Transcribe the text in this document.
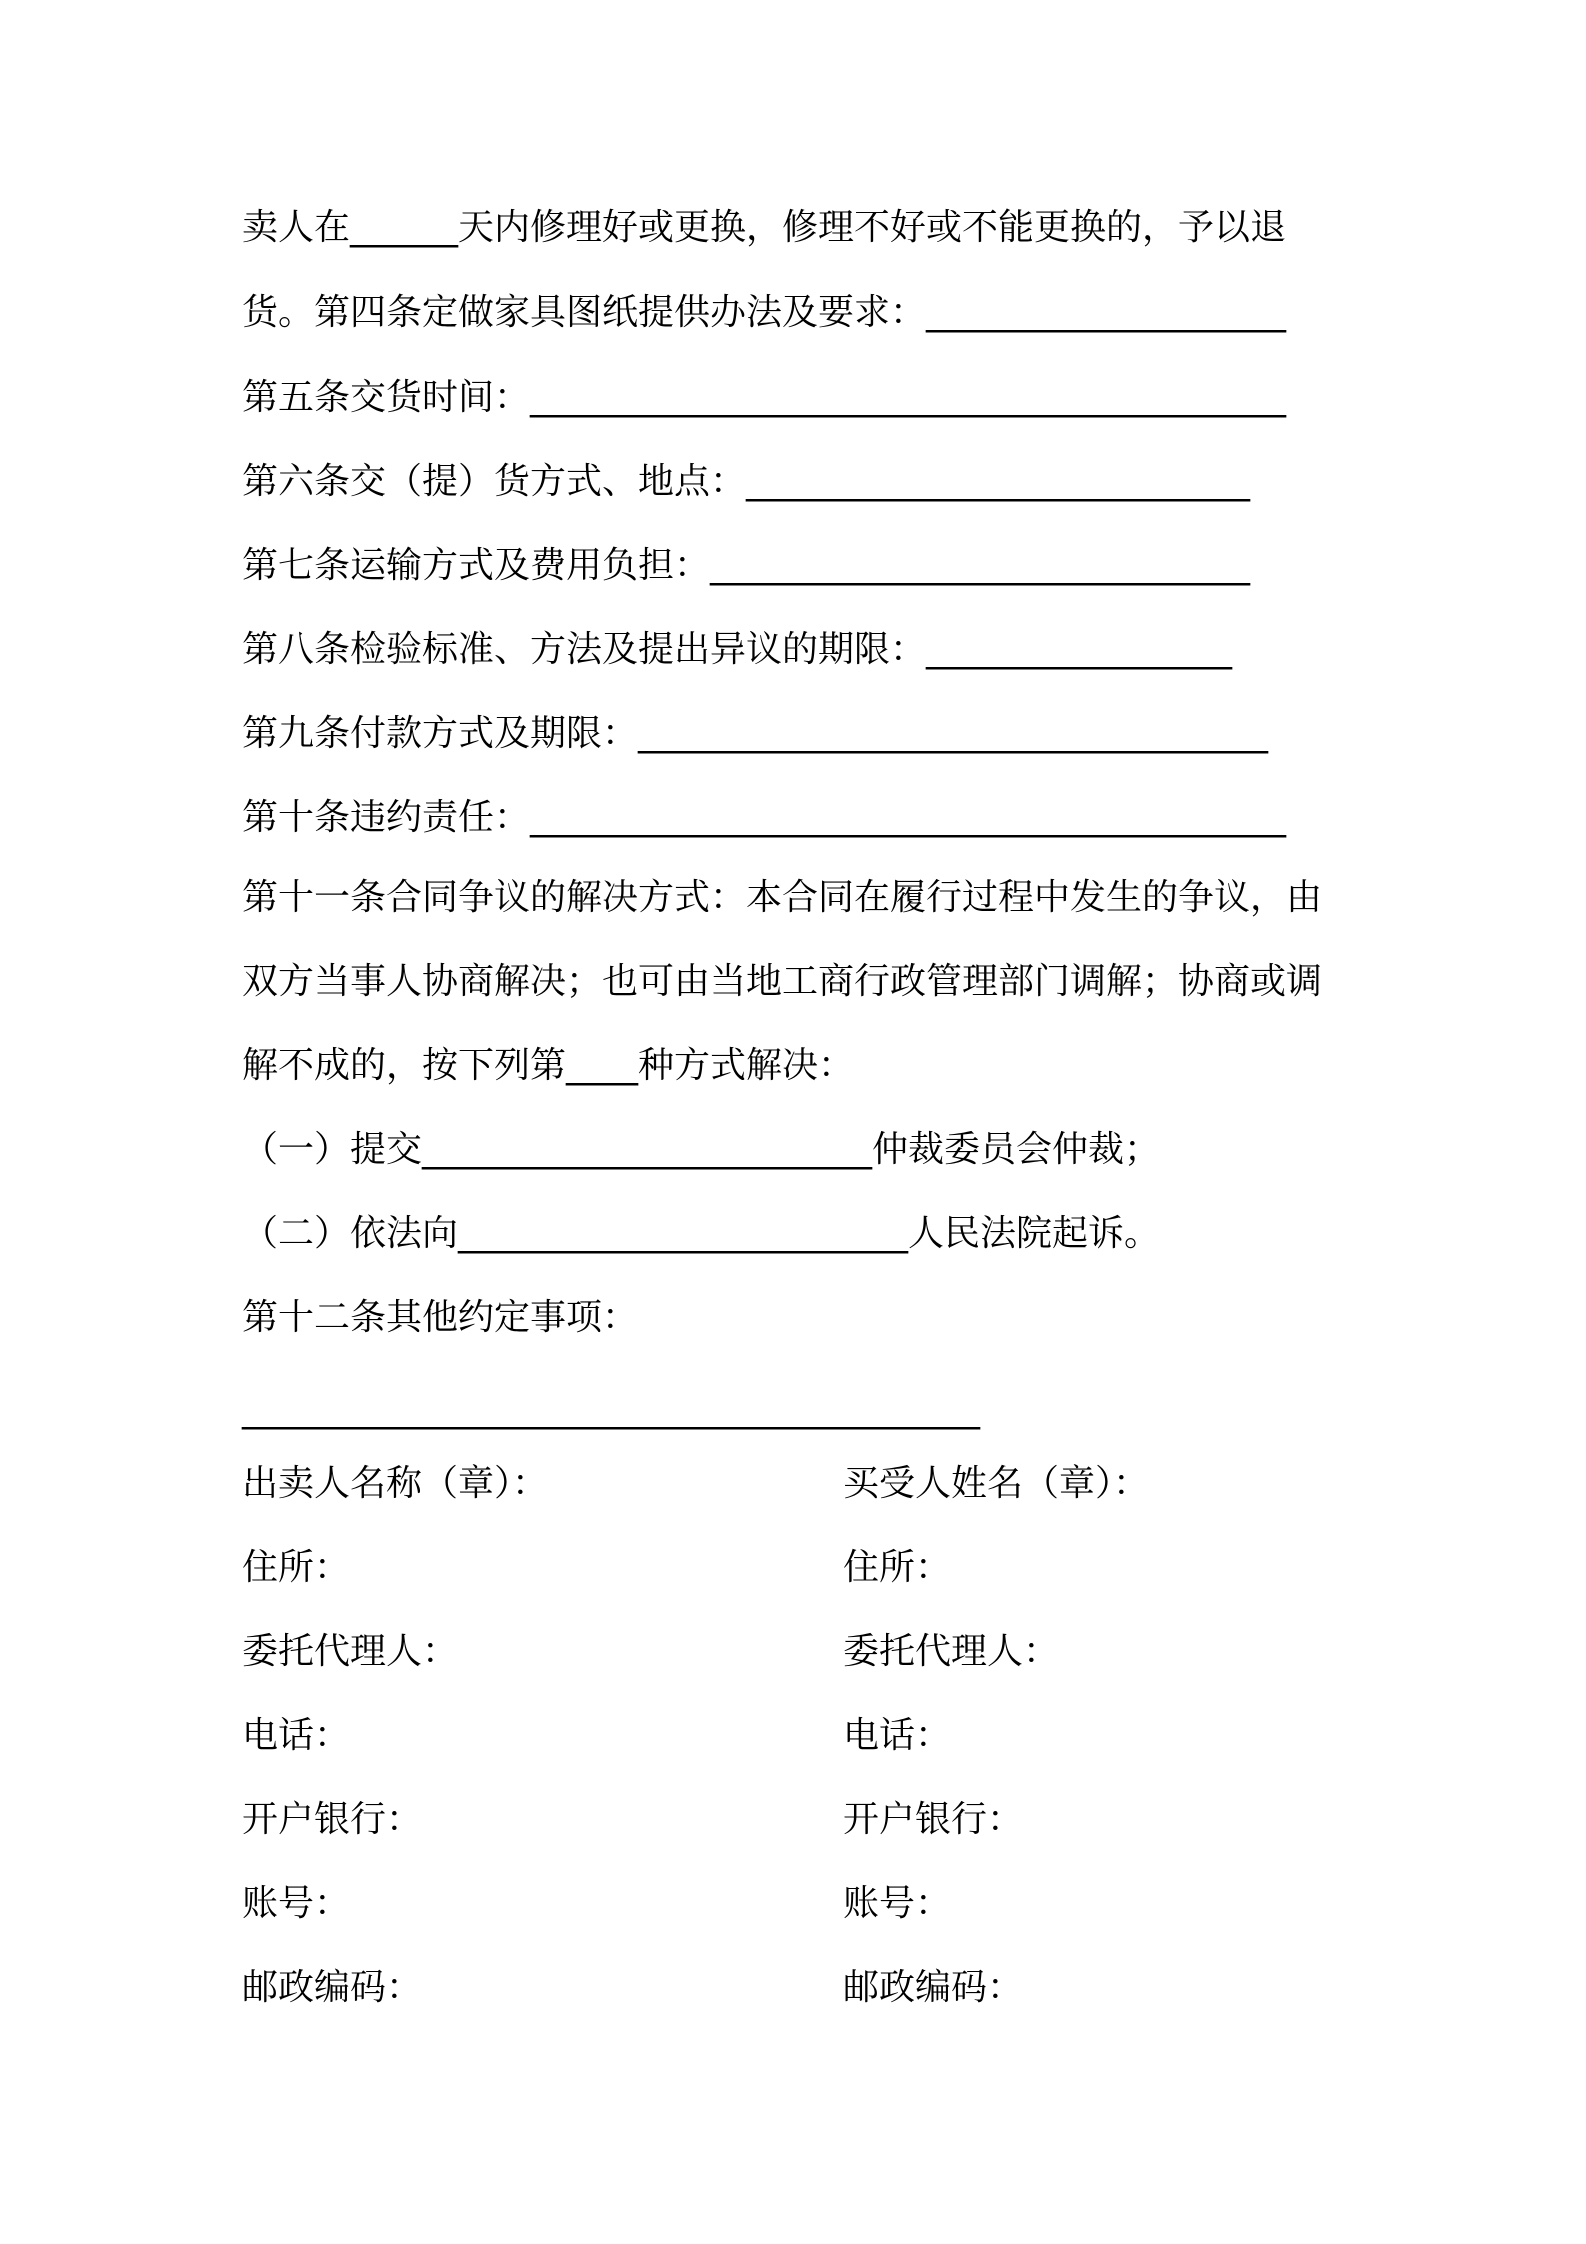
卖人在______天内修理好或更换，修理不好或不能更换的，予以退
货。第四条定做家具图纸提供办法及要求：____________________
第五条交货时间：__________________________________________
第六条交（提）货方式、地点：____________________________
第七条运输方式及费用负担：______________________________
第八条检验标准、方法及提出异议的期限：_________________
第九条付款方式及期限：___________________________________
第十条违约责任：__________________________________________
第十一条合同争议的解决方式：本合同在履行过程中发生的争议，由
双方当事人协商解决；也可由当地工商行政管理部门调解；协商或调
解不成的，按下列第____种方式解决：
（一）提交_________________________仲裁委员会仲裁；
（二）依法向_________________________人民法院起诉。
第十二条其他约定事项：
_________________________________________
出卖人名称（章）：
住所：
委托代理人：
电话：
开户银行：
账号：
邮政编码：
买受人姓名（章）：
住所：
委托代理人：
电话：
开户银行：
账号：
邮政编码：
